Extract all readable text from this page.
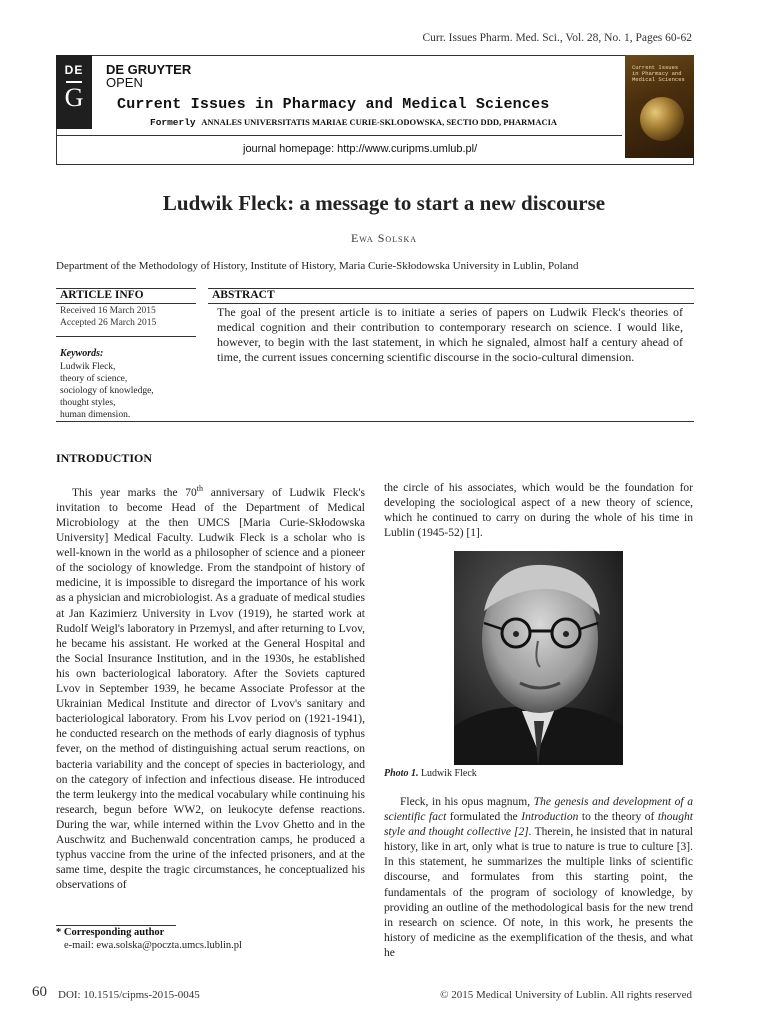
Curr. Issues Pharm. Med. Sci., Vol. 28, No. 1, Pages 60-62
DE
G
DE GRUYTER
OPEN
Current Issues in Pharmacy and Medical Sciences
Formerly ANNALES UNIVERSITATIS MARIAE CURIE-SKLODOWSKA, SECTIO DDD, PHARMACIA
journal homepage: http://www.curipms.umlub.pl/
Current Issues in Pharmacy and Medical Sciences
Ludwik Fleck: a message to start a new discourse
Ewa Solska
Department of the Methodology of History, Institute of History, Maria Curie-Skłodowska University in Lublin, Poland
ARTICLE INFO
Received 16 March 2015
Accepted 26 March 2015
Keywords:
Ludwik Fleck,
theory of science,
sociology of knowledge,
thought styles,
human dimension.
ABSTRACT
The goal of the present article is to initiate a series of papers on Ludwik Fleck's theories of medical cognition and their contribution to contemporary research on science. I would like, however, to begin with the last statement, in which he signaled, almost half a century ahead of time, the current issues concerning scientific discourse in the socio-cultural dimension.
INTRODUCTION
This year marks the 70th anniversary of Ludwik Fleck's invitation to become Head of the Department of Medical Microbiology at the then UMCS [Maria Curie-Skłodowska University] Medical Faculty. Ludwik Fleck is a scholar who is well-known in the world as a philosopher of science and a pioneer of the sociology of knowledge. From the standpoint of history of medicine, it is impossible to disregard the importance of his work as a physician and microbiologist. As a graduate of medical studies at Jan Kazimierz University in Lvov (1919), he started work at Rudolf Weigl's laboratory in Przemysl, and after returning to Lvov, he became his assistant. He worked at the General Hospital and the Social Insurance Institution, and in the 1930s, he established his own bacteriological laboratory. After the Soviets captured Lvov in September 1939, he became Associate Professor at the Ukrainian Medical Institute and director of Lvov's sanitary and bacteriological laboratory. From his Lvov period on (1921-1941), he conducted research on the methods of early diagnosis of typhus fever, on the method of distinguishing actual serum reactions, on bacteria variability and the concept of species in bacteriology, and on the category of infection and infectious disease. He introduced the term leukergy into the medical vocabulary while continuing his research, begun before WW2, on leukocyte defense reactions. During the war, while interned within the Lvov Ghetto and in the Auschwitz and Buchenwald concentration camps, he produced a typhus vaccine from the urine of the infected prisoners, and at the same time, despite the tragic circumstances, he conceptualized his observations of
the circle of his associates, which would be the foundation for developing the sociological aspect of a new theory of science, which he continued to carry on during the whole of his time in Lublin (1945-52) [1].
Photo 1. Ludwik Fleck
Fleck, in his opus magnum, The genesis and development of a scientific fact formulated the Introduction to the theory of thought style and thought collective [2]. Therein, he insisted that in natural history, like in art, only what is true to nature is true to culture [3]. In this statement, he summarizes the multiple links of scientific discourse, and formulates from this starting point, the fundamentals of the program of sociology of knowledge, by providing an outline of the methodological basis for the new trend in research on science. Of note, in this work, he presents the history of medicine as the exemplification of the thesis, and what he
* Corresponding author
e-mail: ewa.solska@poczta.umcs.lublin.pl
60 DOI: 10.1515/cipms-2015-0045	© 2015 Medical University of Lublin. All rights reserved
